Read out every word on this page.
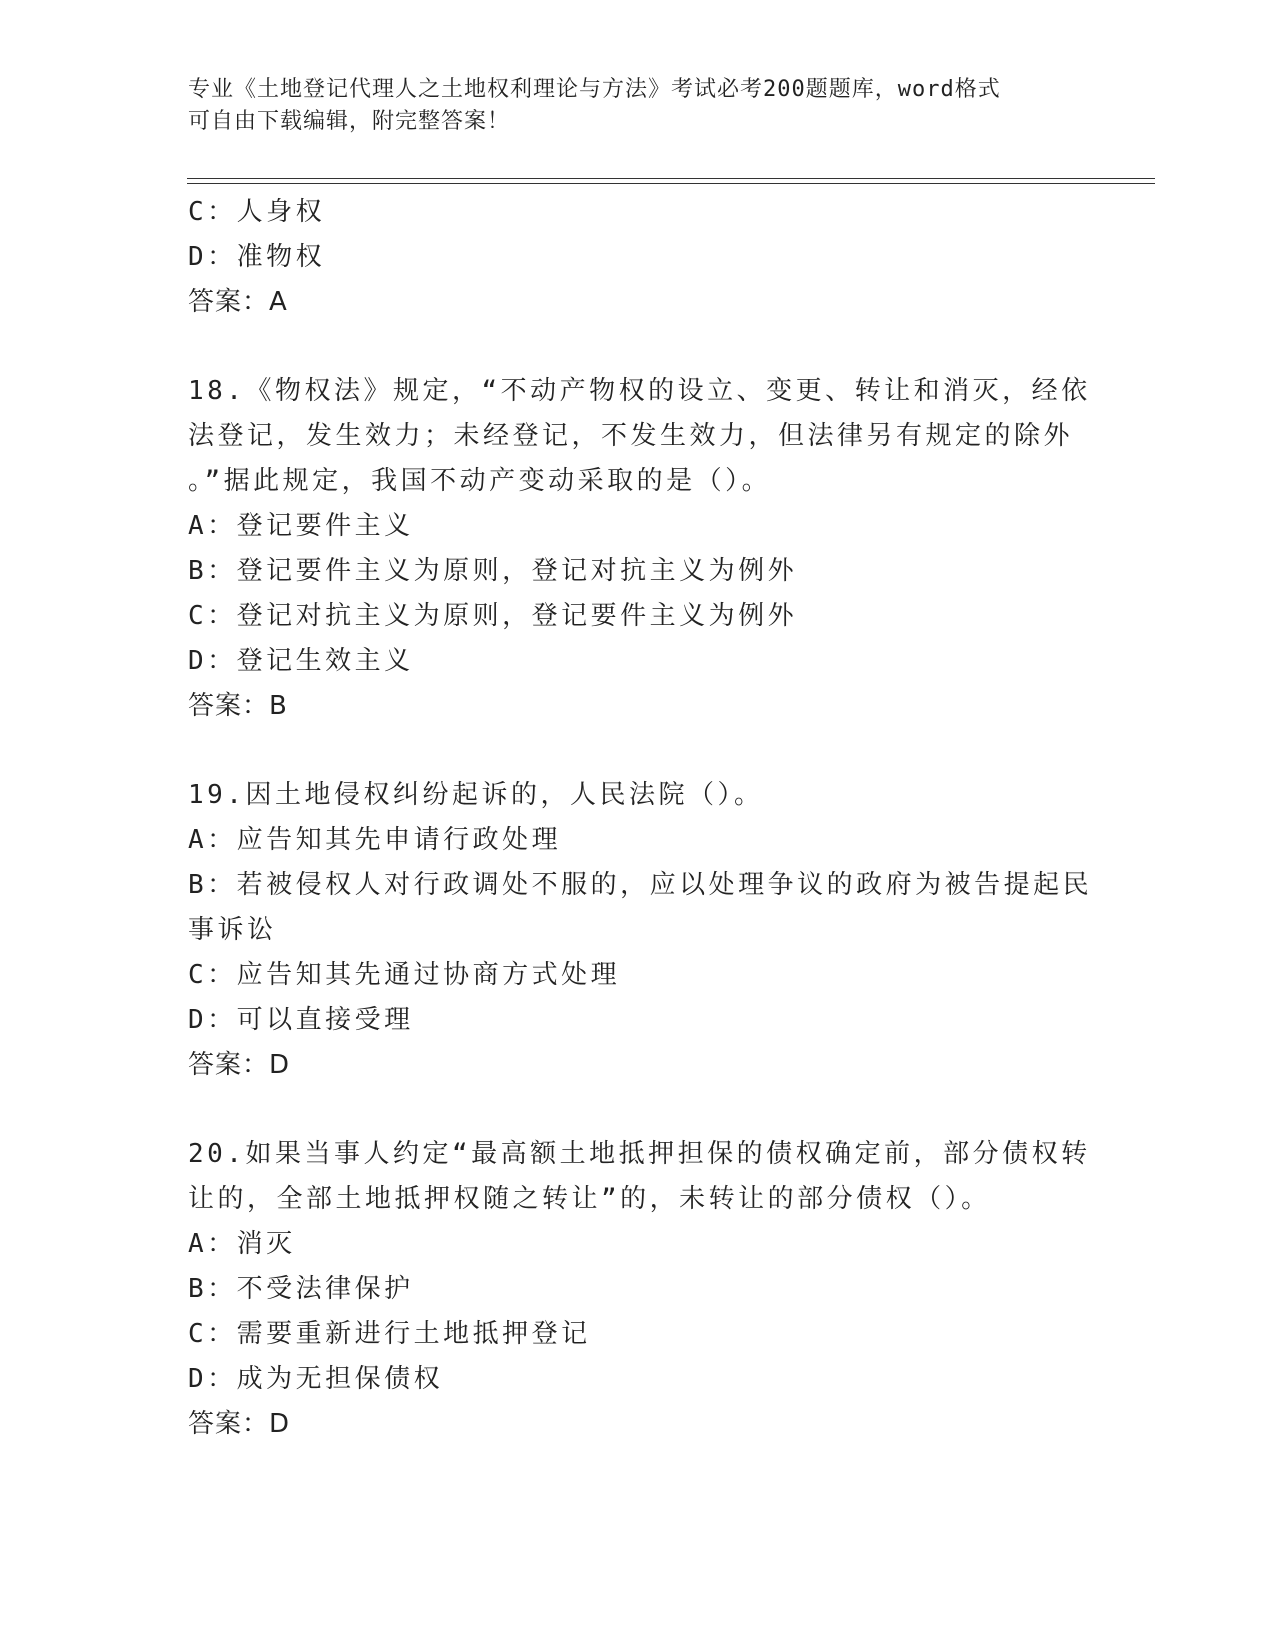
专业《土地登记代理人之土地权利理论与方法》考试必考200题题库，word格式
可自由下载编辑，附完整答案！
C：人身权
D：准物权
答案：A
18.《物权法》规定，“不动产物权的设立、变更、转让和消灭，经依
法登记，发生效力；未经登记，不发生效力，但法律另有规定的除外
。”据此规定，我国不动产变动采取的是（）。
A：登记要件主义
B：登记要件主义为原则，登记对抗主义为例外
C：登记对抗主义为原则，登记要件主义为例外
D：登记生效主义
答案：B
19.因土地侵权纠纷起诉的，人民法院（）。
A：应告知其先申请行政处理
B：若被侵权人对行政调处不服的，应以处理争议的政府为被告提起民
事诉讼
C：应告知其先通过协商方式处理
D：可以直接受理
答案：D
20.如果当事人约定“最高额土地抵押担保的债权确定前，部分债权转
让的，全部土地抵押权随之转让”的，未转让的部分债权（）。
A：消灭
B：不受法律保护
C：需要重新进行土地抵押登记
D：成为无担保债权
答案：D
